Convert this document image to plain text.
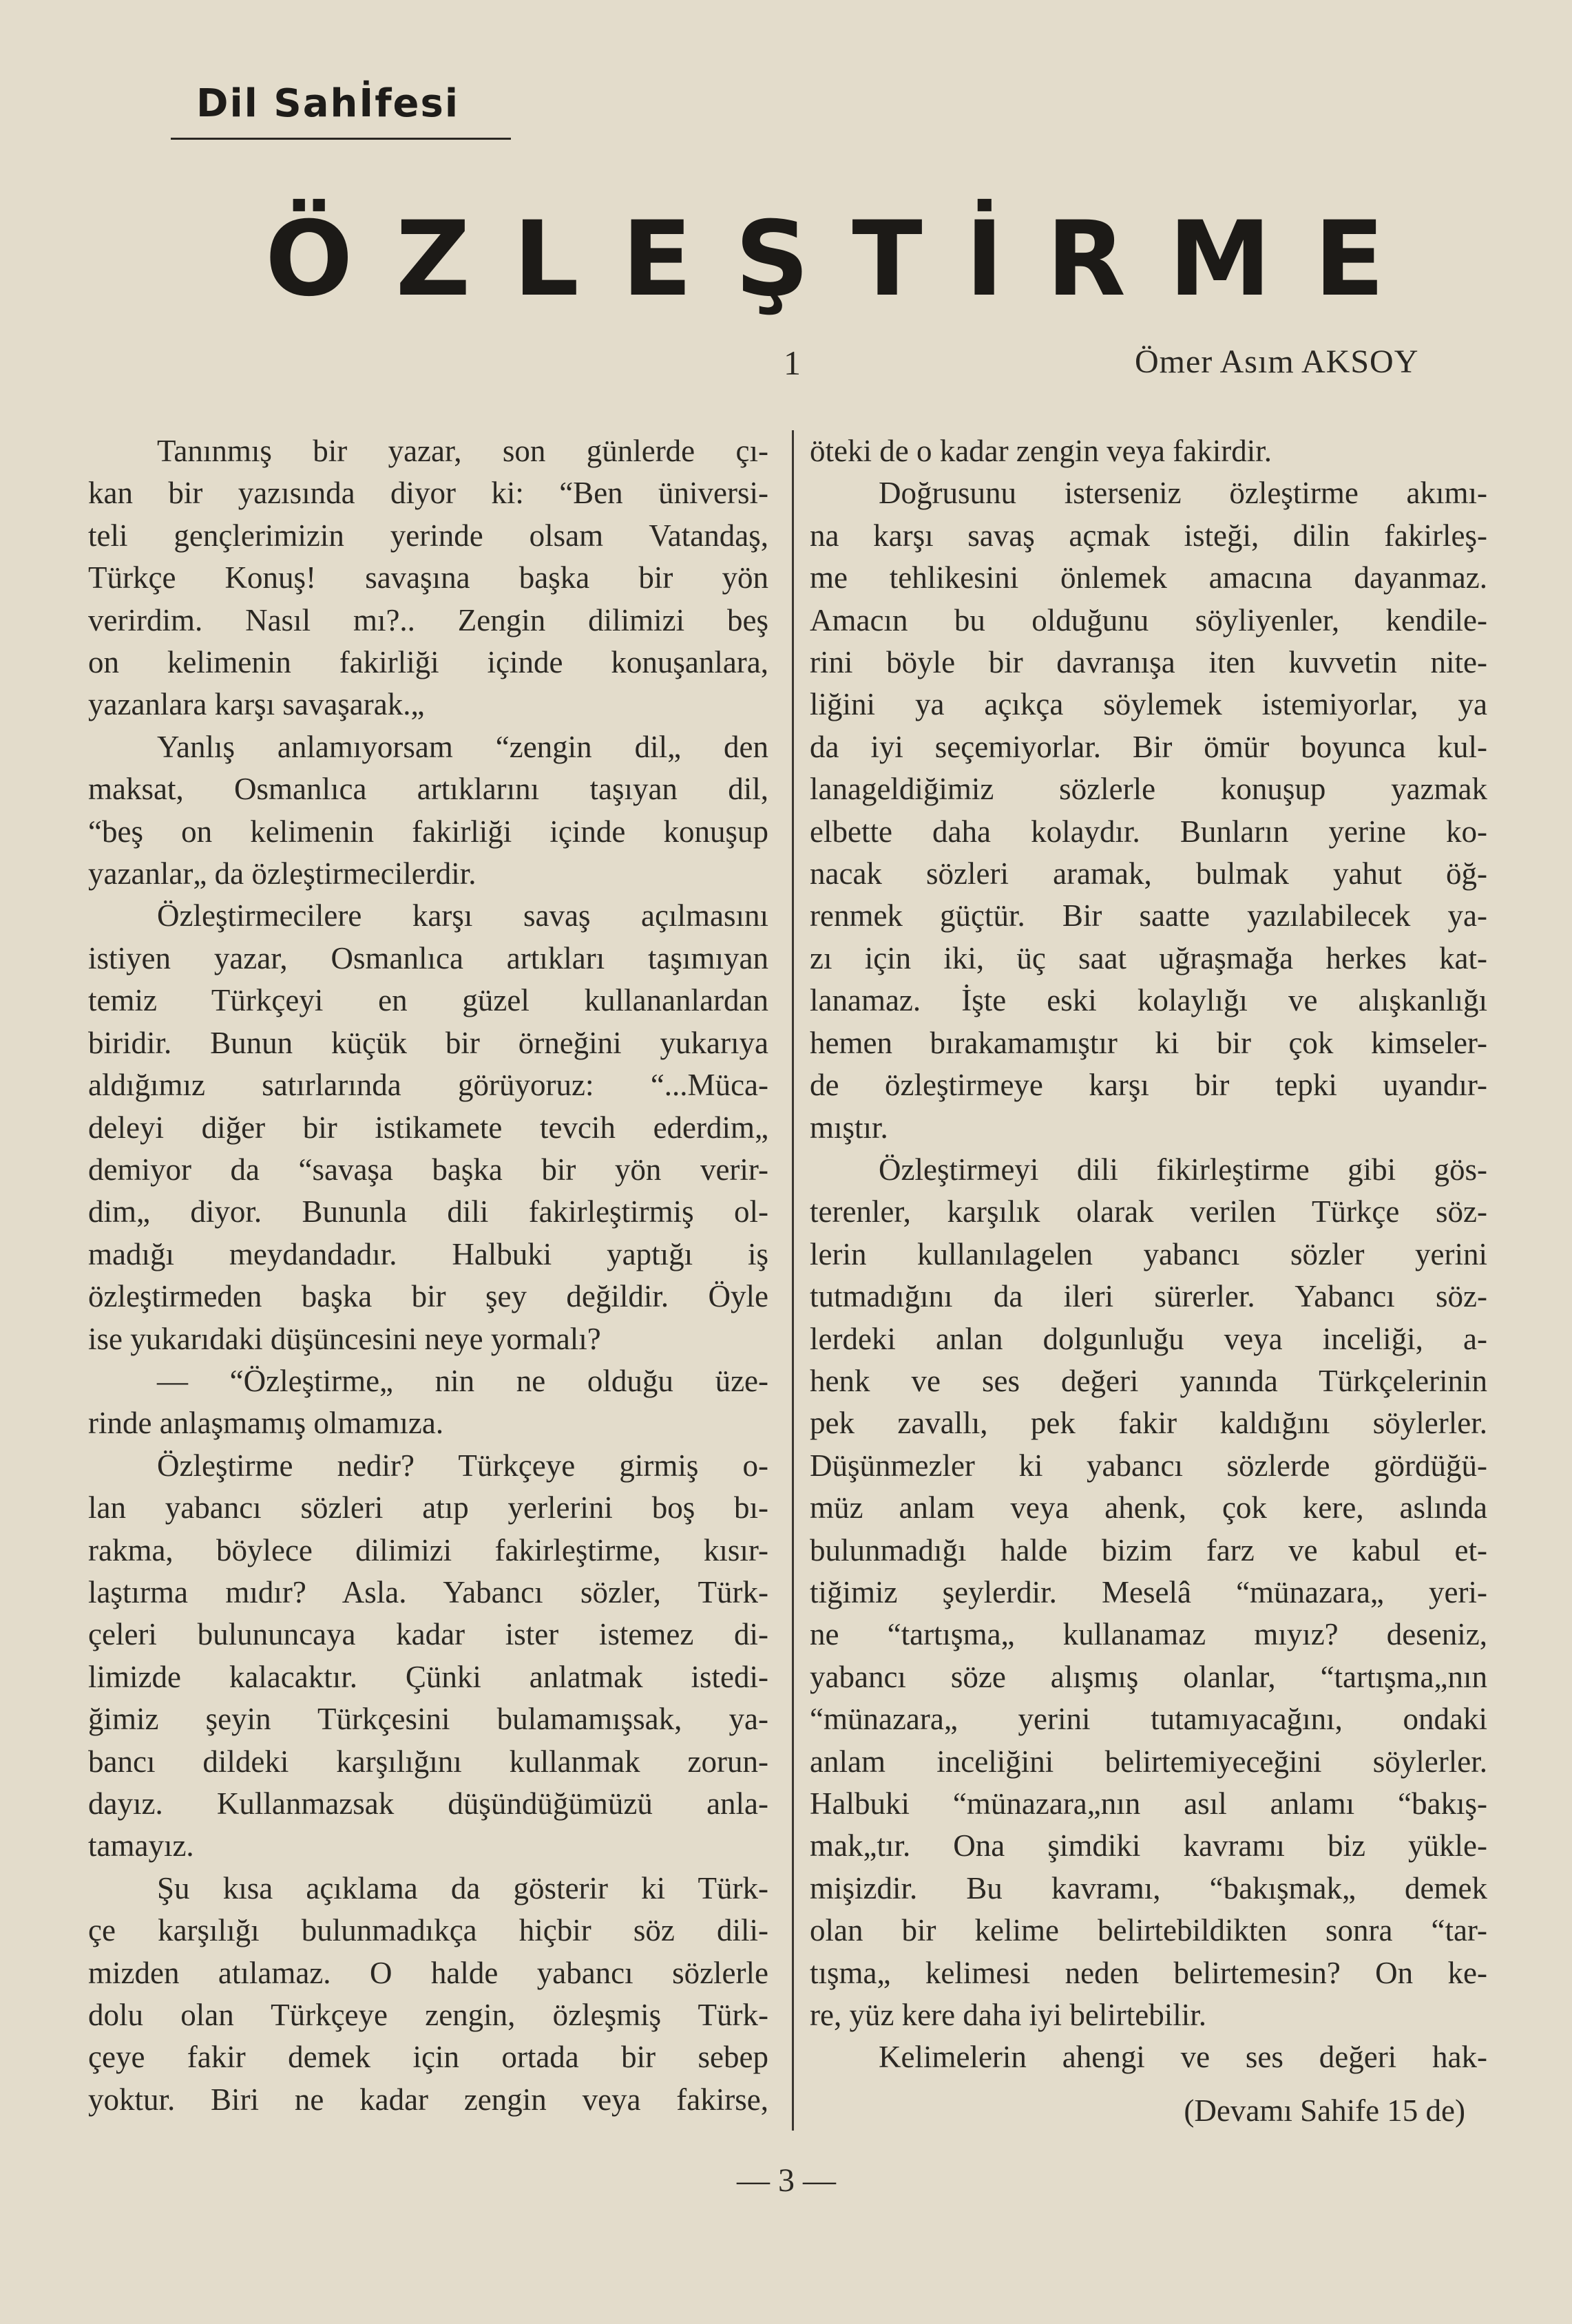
Dil Sahİfesi
ÖZLEŞTİRME
1	Ömer Asım AKSOY

Tanınmış bir yazar, son günlerde çı-

kan bir yazısında diyor ki: “Ben üniversi-

teli gençlerimizin yerinde olsam Vatandaş,

Türkçe Konuş! savaşına başka bir yön

verirdim. Nasıl mı?.. Zengin dilimizi beş

on kelimenin fakirliği içinde konuşanlara,

yazanlara karşı savaşarak.„

Yanlış anlamıyorsam “zengin dil„ den

maksat, Osmanlıca artıklarını taşıyan dil,

“beş on kelimenin fakirliği içinde konuşup

yazanlar„ da özleştirmecilerdir.

Özleştirmecilere karşı savaş açılmasını

istiyen yazar, Osmanlıca artıkları taşımıyan

temiz Türkçeyi en güzel kullananlardan

biridir. Bunun küçük bir örneğini yukarıya

aldığımız satırlarında görüyoruz: “...Müca-

deleyi diğer bir istikamete tevcih ederdim„

demiyor da “savaşa başka bir yön verir-

dim„ diyor. Bununla dili fakirleştirmiş ol-

madığı meydandadır. Halbuki yaptığı iş

özleştirmeden başka bir şey değildir. Öyle

ise yukarıdaki düşüncesini neye yormalı?

— “Özleştirme„ nin ne olduğu üze-

rinde anlaşmamış olmamıza.

Özleştirme nedir? Türkçeye girmiş o-

lan yabancı sözleri atıp yerlerini boş bı-

rakma, böylece dilimizi fakirleştirme, kısır-

laştırma mıdır? Asla. Yabancı sözler, Türk-

çeleri bulununcaya kadar ister istemez di-

limizde kalacaktır. Çünki anlatmak istedi-

ğimiz şeyin Türkçesini bulamamışsak, ya-

bancı dildeki karşılığını kullanmak zorun-

dayız. Kullanmazsak düşündüğümüzü anla-

tamayız.

Şu kısa açıklama da gösterir ki Türk-

çe karşılığı bulunmadıkça hiçbir söz dili-

mizden atılamaz. O halde yabancı sözlerle

dolu olan Türkçeye zengin, özleşmiş Türk-

çeye fakir demek için ortada bir sebep

yoktur. Biri ne kadar zengin veya fakirse,

öteki de o kadar zengin veya fakirdir.

Doğrusunu isterseniz özleştirme akımı-

na karşı savaş açmak isteği, dilin fakirleş-

me tehlikesini önlemek amacına dayanmaz.

Amacın bu olduğunu söyliyenler, kendile-

rini böyle bir davranışa iten kuvvetin nite-

liğini ya açıkça söylemek istemiyorlar, ya

da iyi seçemiyorlar. Bir ömür boyunca kul-

lanageldiğimiz sözlerle konuşup yazmak

elbette daha kolaydır. Bunların yerine ko-

nacak sözleri aramak, bulmak yahut öğ-

renmek güçtür. Bir saatte yazılabilecek ya-

zı için iki, üç saat uğraşmağa herkes kat-

lanamaz. İşte eski kolaylığı ve alışkanlığı

hemen bırakamamıştır ki bir çok kimseler-

de özleştirmeye karşı bir tepki uyandır-

mıştır.

Özleştirmeyi dili fikirleştirme gibi gös-

terenler, karşılık olarak verilen Türkçe söz-

lerin kullanılagelen yabancı sözler yerini

tutmadığını da ileri sürerler. Yabancı söz-

lerdeki anlan dolgunluğu veya inceliği, a-

henk ve ses değeri yanında Türkçelerinin

pek zavallı, pek fakir kaldığını söylerler.

Düşünmezler ki yabancı sözlerde gördüğü-

müz anlam veya ahenk, çok kere, aslında

bulunmadığı halde bizim farz ve kabul et-

tiğimiz şeylerdir. Meselâ “münazara„ yeri-

ne “tartışma„ kullanamaz mıyız? deseniz,

yabancı söze alışmış olanlar, “tartışma„nın

“münazara„ yerini tutamıyacağını, ondaki

anlam inceliğini belirtemiyeceğini söylerler.

Halbuki “münazara„nın asıl anlamı “bakış-

mak„tır. Ona şimdiki kavramı biz yükle-

mişizdir. Bu kavramı, “bakışmak„ demek

olan bir kelime belirtebildikten sonra “tar-

tışma„ kelimesi neden belirtemesin? On ke-

re, yüz kere daha iyi belirtebilir.

Kelimelerin ahengi ve ses değeri hak-

(Devamı Sahife 15 de)
— 3 —
